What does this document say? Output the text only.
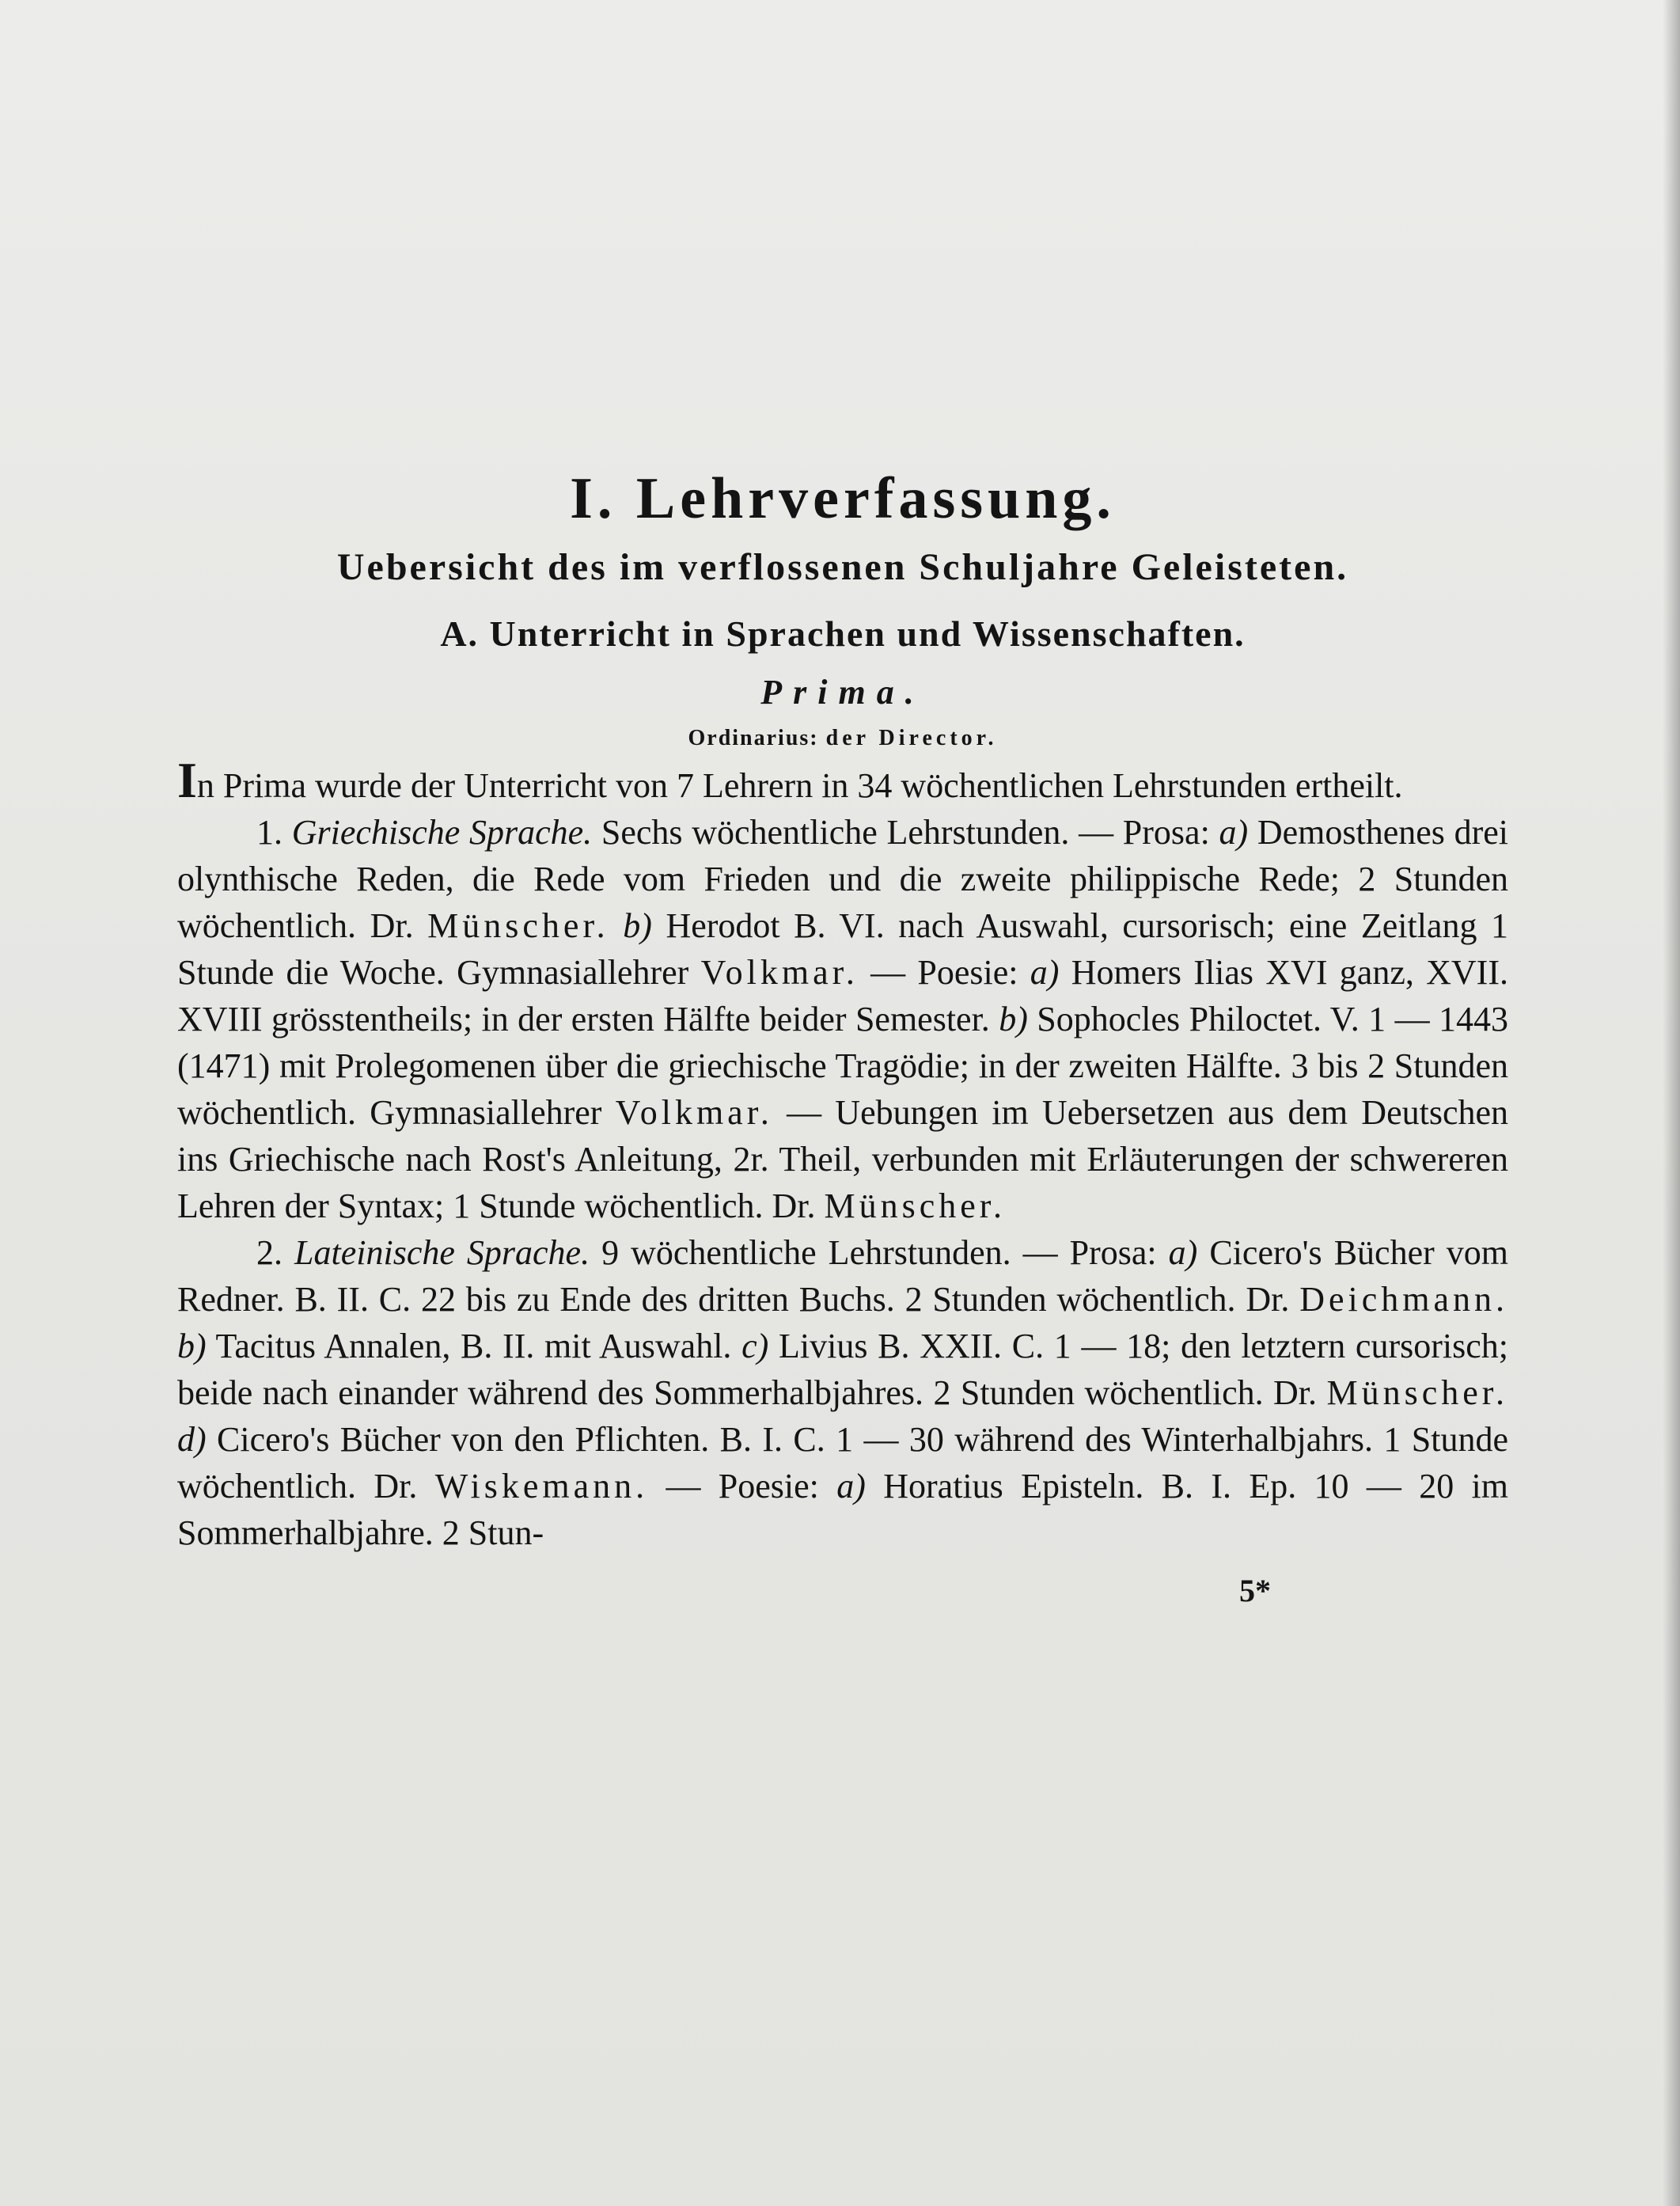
I. Lehrverfassung.
Uebersicht des im verflossenen Schuljahre Geleisteten.
A. Unterricht in Sprachen und Wissenschaften.
Prima.

Ordinarius: der Director.

In Prima wurde der Unterricht von 7 Lehrern in 34 wöchentlichen Lehrstunden ertheilt.

1. Griechische Sprache. Sechs wöchentliche Lehrstunden. — Prosa: a) Demosthenes drei olynthische Reden, die Rede vom Frieden und die zweite philippische Rede; 2 Stunden wöchentlich. Dr. Münscher. b) Herodot B. VI. nach Auswahl, cursorisch; eine Zeitlang 1 Stunde die Woche. Gymnasiallehrer Volkmar. — Poesie: a) Homers Ilias XVI ganz, XVII. XVIII grösstentheils; in der ersten Hälfte beider Semester. b) Sophocles Philoctet. V. 1 — 1443 (1471) mit Prolegomenen über die griechische Tragödie; in der zweiten Hälfte. 3 bis 2 Stunden wöchentlich. Gymnasiallehrer Volkmar. — Uebungen im Uebersetzen aus dem Deutschen ins Griechische nach Rost's Anleitung, 2r. Theil, verbunden mit Erläuterungen der schwereren Lehren der Syntax; 1 Stunde wöchentlich. Dr. Münscher.

2. Lateinische Sprache. 9 wöchentliche Lehrstunden. — Prosa: a) Cicero's Bücher vom Redner. B. II. C. 22 bis zu Ende des dritten Buchs. 2 Stunden wöchentlich. Dr. Deichmann. b) Tacitus Annalen, B. II. mit Auswahl. c) Livius B. XXII. C. 1 — 18; den letztern cursorisch; beide nach einander während des Sommerhalbjahres. 2 Stunden wöchentlich. Dr. Münscher. d) Cicero's Bücher von den Pflichten. B. I. C. 1 — 30 während des Winterhalbjahrs. 1 Stunde wöchentlich. Dr. Wiskemann. — Poesie: a) Horatius Episteln. B. I. Ep. 10 — 20 im Sommerhalbjahre. 2 Stun-

5*
